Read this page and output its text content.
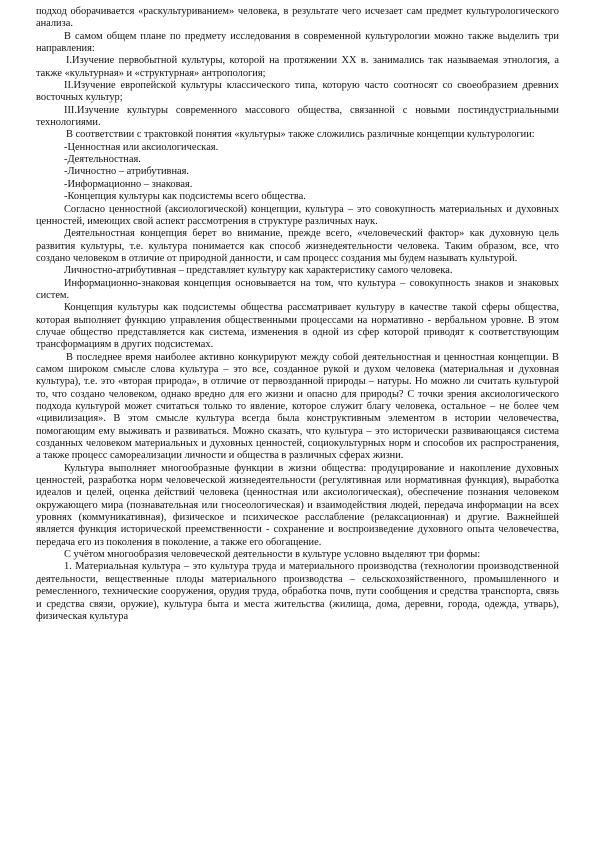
подход оборачивается «раскультуриванием» человека, в результате чего исчезает сам предмет культурологического анализа.

В самом общем плане по предмету исследования в современной культурологии можно также выделить три направления:

I.Изучение первобытной культуры, которой на протяжении XX в. занимались так называемая этнология, а также «культурная» и «структурная» антропология;

II.Изучение европейской культуры классического типа, которую часто соотносят со своеобразием древних восточных культур;

III.Изучение культуры современного массового общества, связанной с новыми постиндустриальными технологиями.

В соответствии с трактовкой понятия «культуры» также сложились различные концепции культурологии:

-Ценностная или аксиологическая.

-Деятельностная.

-Личностно – атрибутивная.

-Информационно – знаковая.

-Концепция культуры как подсистемы всего общества.

Согласно ценностной (аксиологической) концепции, культура – это совокупность материальных и духовных ценностей, имеющих свой аспект рассмотрения в структуре различных наук.

Деятельностная концепция берет во внимание, прежде всего, «человеческий фактор» как духовную цель развития культуры, т.е. культура понимается как способ жизнедеятельности человека. Таким образом, все, что создано человеком в отличие от природной данности, и сам процесс создания мы будем называть культурой.

Личностно-атрибутивная – представляет культуру как характеристику самого человека.

Информационно-знаковая концепция основывается на том, что культура – совокупность знаков и знаковых систем.

Концепция культуры как подсистемы общества рассматривает культуру в качестве такой сферы общества, которая выполняет функцию управления общественными процессами на нормативно - вербальном уровне. В этом случае общество представляется как система, изменения в одной из сфер которой приводят к соответствующим трансформациям в других подсистемах.

В последнее время наиболее активно конкурируют между собой деятельностная и ценностная концепции. В самом широком смысле слова культура – это все, созданное рукой и духом человека (материальная и духовная культура), т.е. это «вторая природа», в отличие от первозданной природы – натуры. Но можно ли считать культурой то, что создано человеком, однако вредно для его жизни и опасно для природы? С точки зрения аксиологического подхода культурой может считаться только то явление, которое служит благу человека, остальное – не более чем «цивилизация». В этом смысле культура всегда была конструктивным элементом в истории человечества, помогающим ему выживать и развиваться. Можно сказать, что культура – это исторически развивающаяся система созданных человеком материальных и духовных ценностей, социокультурных норм и способов их распространения, а также процесс самореализации личности и общества в различных сферах жизни.

Культура выполняет многообразные функции в жизни общества: продуцирование и накопление духовных ценностей, разработка норм человеческой жизнедеятельности (регулятивная или нормативная функция), выработка идеалов и целей, оценка действий человека (ценностная или аксиологическая), обеспечение познания человеком окружающего мира (познавательная или гносеологическая) и взаимодействия людей, передача информации на всех уровнях (коммуникативная), физическое и психическое расслабление (релаксационная) и другие. Важнейшей является функция исторической преемственности - сохранение и воспроизведение духовного опыта человечества, передача его из поколения в поколение, а также его обогащение.

С учётом многообразия человеческой деятельности в культуре условно выделяют три формы:

1. Материальная культура – это культура труда и материального производства (технологии производственной деятельности, вещественные плоды материального производства – сельскохозяйственного, промышленного и ремесленного, технические сооружения, орудия труда, обработка почв, пути сообщения и средства транспорта, связь и средства связи, оружие), культура быта и места жительства (жилища, дома, деревни, города, одежда, утварь), физическая культура
